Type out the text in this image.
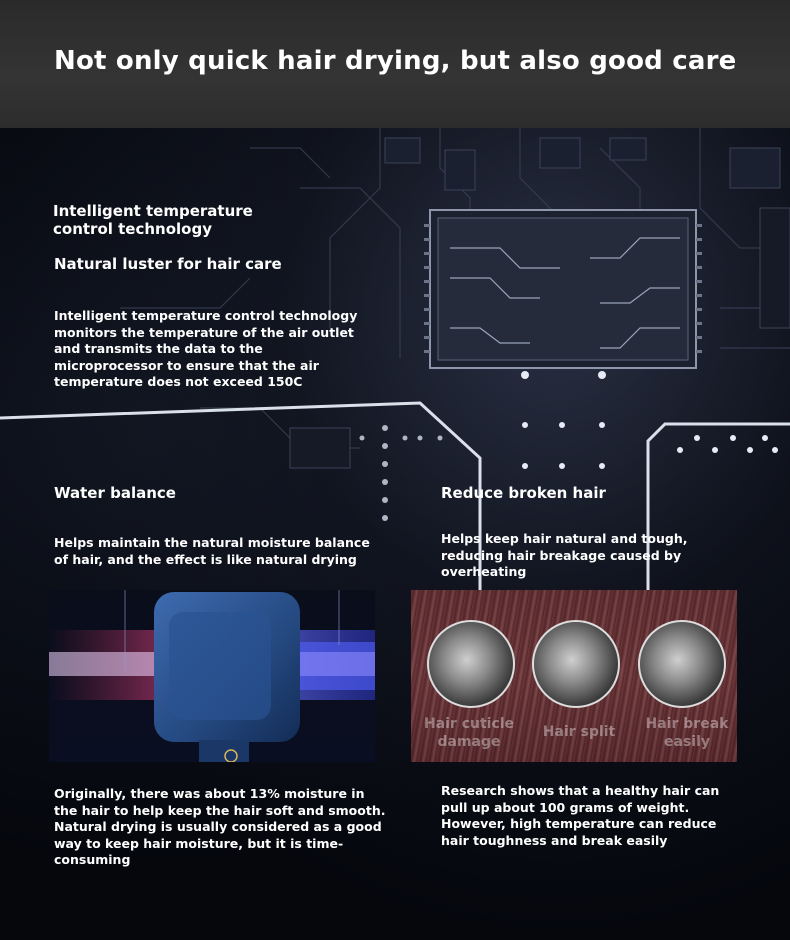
Not only quick hair drying, but also good care
Intelligent temperature control technology
Natural luster for hair care
Intelligent temperature control technology monitors the temperature of the air outlet and transmits the data to the microprocessor to ensure that the air temperature does not exceed 150C
Water balance
Helps maintain the natural moisture balance of hair, and the effect is like natural drying
Reduce broken hair
Helps keep hair natural and tough, reducing hair breakage caused by overheating
Hair cuticle damage
Hair split	Hair break easily
Originally, there was about 13% moisture in the hair to help keep the hair soft and smooth. Natural drying is usually considered as a good way to keep hair moisture, but it is time-consuming
Research shows that a healthy hair can pull up about 100 grams of weight. However, high temperature can reduce hair toughness and break easily
